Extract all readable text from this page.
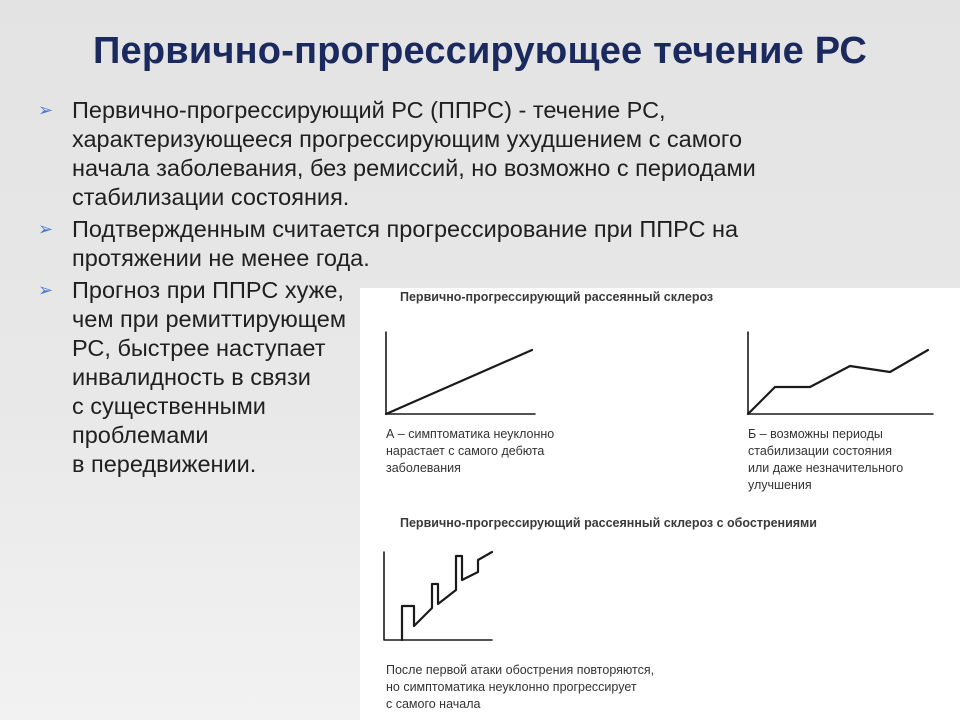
Первично-прогрессирующее течение РС
➢ Первично-прогрессирующий РС (ППРС) - течение РС,
характеризующееся прогрессирующим ухудшением с самого
начала заболевания, без ремиссий, но возможно с периодами
стабилизации состояния.
➢ Подтвержденным считается прогрессирование при ППРС на
протяжении не менее года.
➢ Прогноз при ППРС хуже,
чем при ремиттирующем
РС, быстрее наступает
инвалидность в связи
с существенными
проблемами
в передвижении.
Первично-прогрессирующий рассеянный склероз
А – симптоматика неуклонно
нарастает с самого дебюта
заболевания
Б – возможны периоды
стабилизации состояния
или даже незначительного
улучшения
Первично-прогрессирующий рассеянный склероз с обострениями
После первой атаки обострения повторяются,
но симптоматика неуклонно прогрессирует
с самого начала
